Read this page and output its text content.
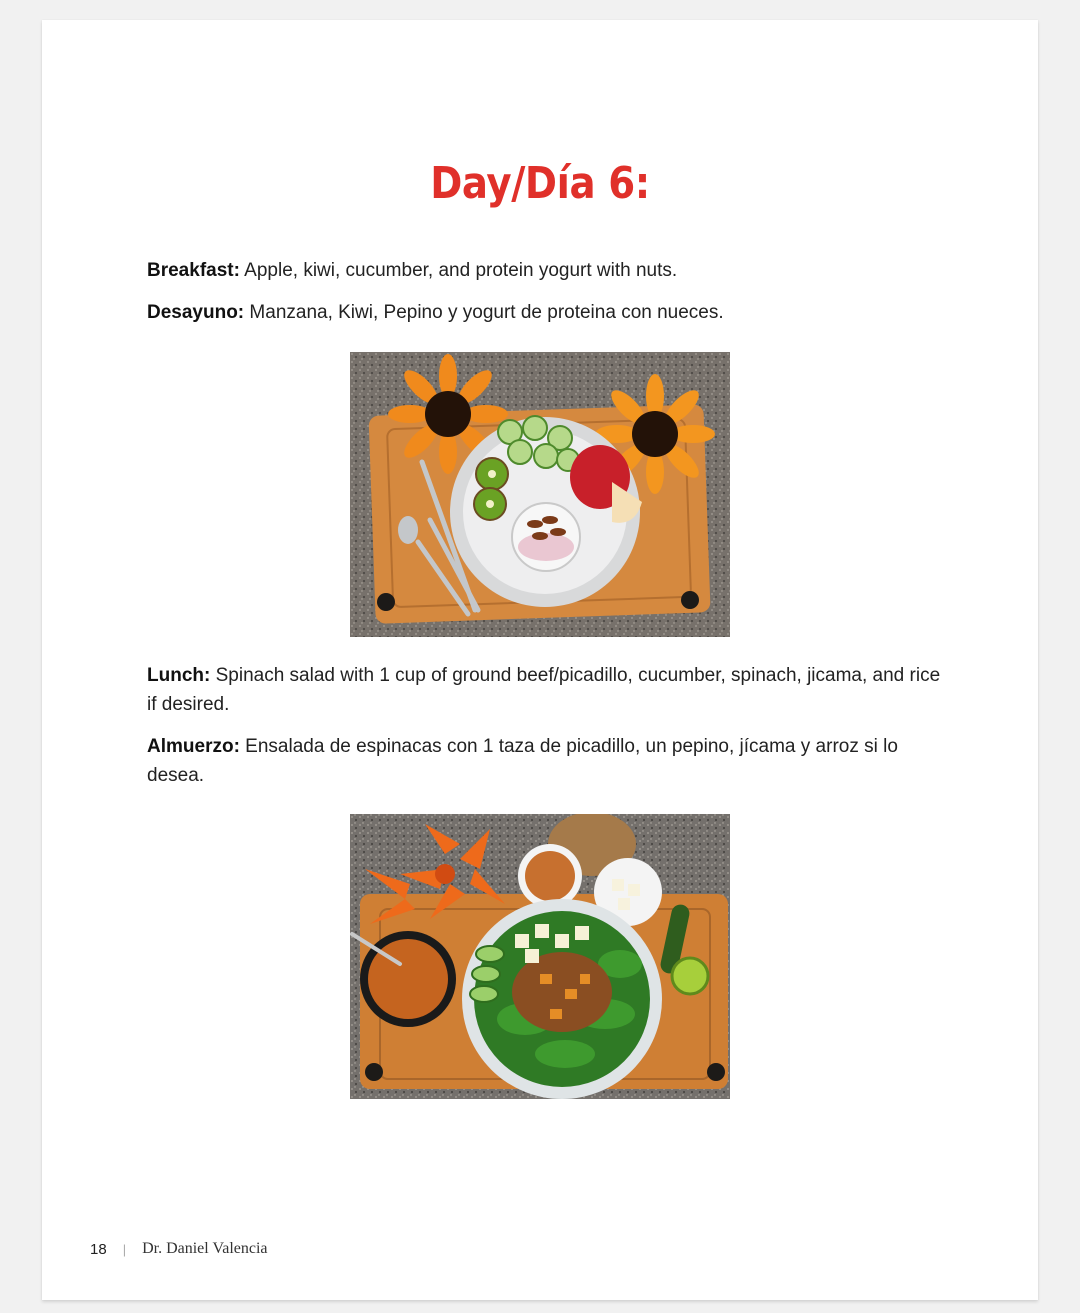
Day/Día 6:

Breakfast: Apple, kiwi, cucumber, and protein yogurt with nuts.

Desayuno: Manzana, Kiwi, Pepino y yogurt de proteina con nueces.

Lunch: Spinach salad with 1 cup of ground beef/picadillo, cucumber, spinach, jicama, and rice if desired.

Almuerzo: Ensalada de espinacas con 1 taza de picadillo, un pepino, jícama y arroz si lo desea.

18 | Dr. Daniel Valencia
